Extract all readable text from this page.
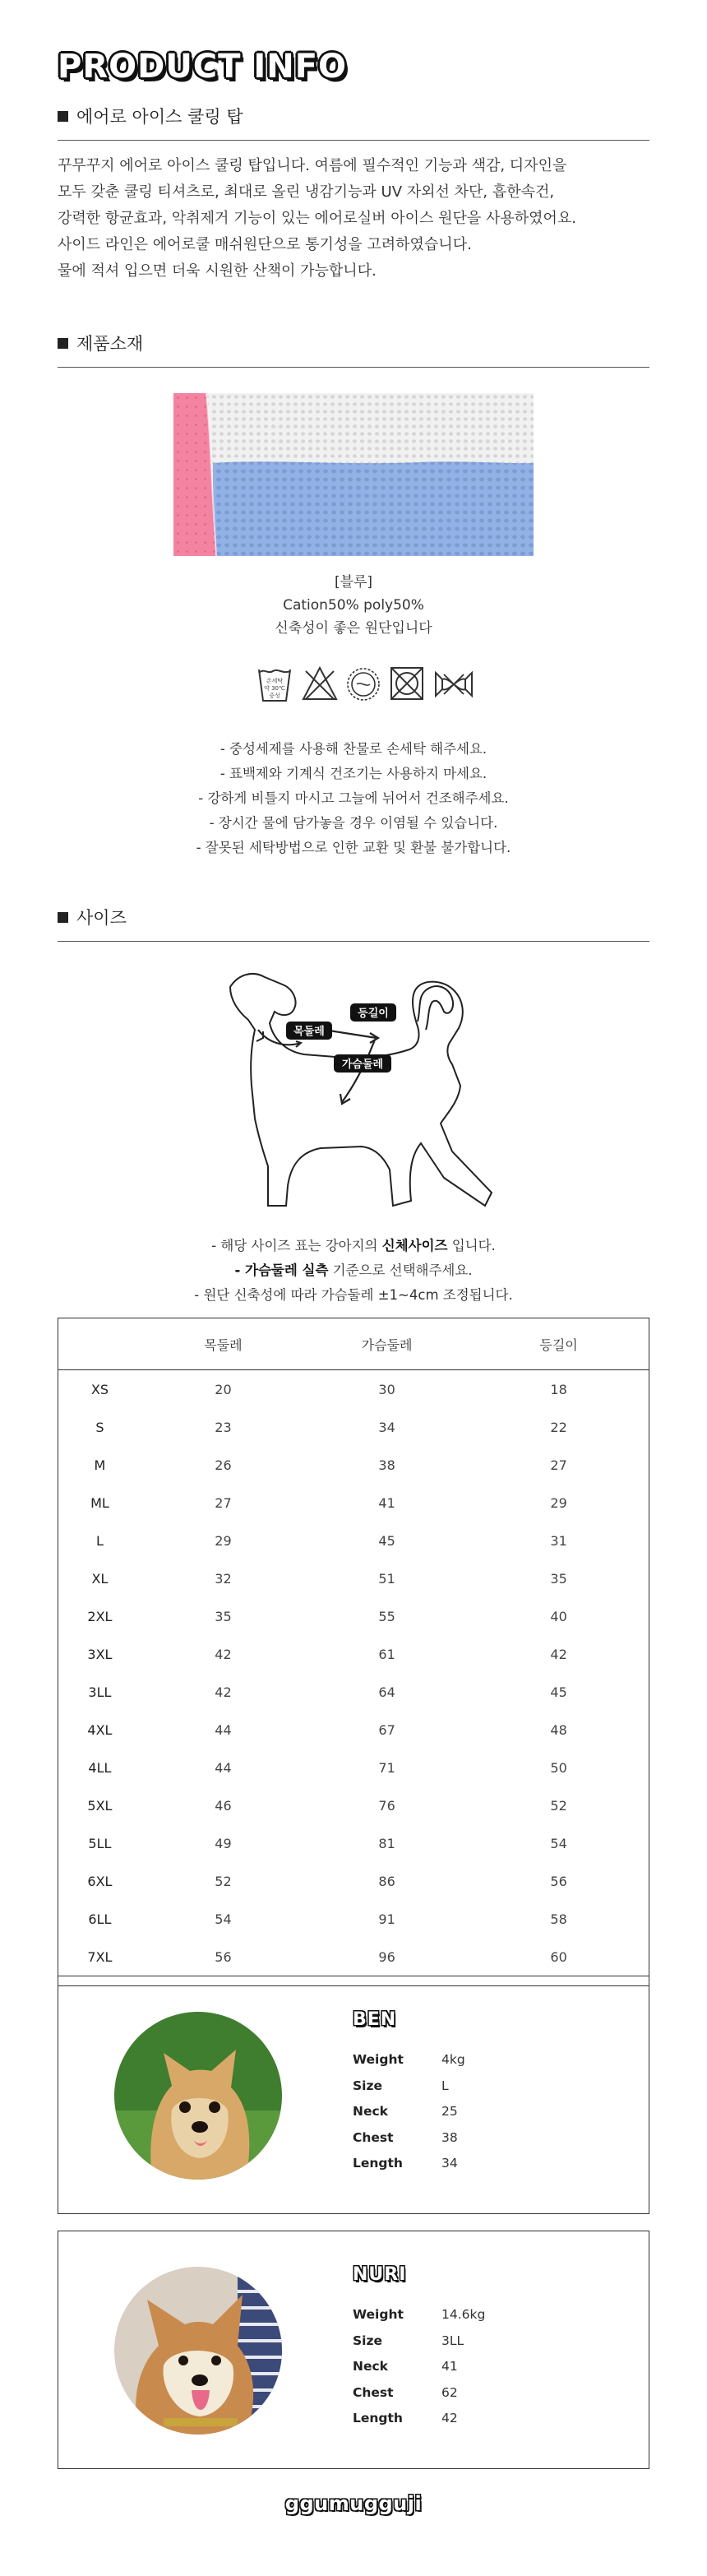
PRODUCT INFO
에어로 아이스 쿨링 탑

꾸무꾸지 에어로 아이스 쿨링 탑입니다. 여름에 필수적인 기능과 색감, 디자인을

모두 갖춘 쿨링 티셔츠로, 최대로 올린 냉감기능과 UV 자외선 차단, 흡한속건,

강력한 항균효과, 악취제거 기능이 있는 에어로실버 아이스 원단을 사용하였어요.

사이드 라인은 에어로쿨 매쉬원단으로 통기성을 고려하였습니다.

물에 적셔 입으면 더욱 시원한 산책이 가능합니다.

제품소재

[블루]

Cation50% poly50%

신축성이 좋은 원단입니다

손세탁
약 30℃
중성

- 중성세제를 사용해 찬물로 손세탁 해주세요.

- 표백제와 기계식 건조기는 사용하지 마세요.

- 강하게 비틀지 마시고 그늘에 뉘어서 건조해주세요.

- 장시간 물에 담가놓을 경우 이염될 수 있습니다.

- 잘못된 세탁방법으로 인한 교환 및 환불 불가합니다.

사이즈
목둘레
등길이
가슴둘레

- 해당 사이즈 표는 강아지의 신체사이즈 입니다.

- 가슴둘레 실측 기준으로 선택해주세요.

- 원단 신축성에 따라 가슴둘레 ±1~4cm 조정됩니다.

	목둘레	가슴둘레	등길이
XS	20	30	18
S	23	34	22
M	26	38	27
ML	27	41	29
L	29	45	31
XL	32	51	35
2XL	35	55	40
3XL	42	61	42
3LL	42	64	45
4XL	44	67	48
4LL	44	71	50
5XL	46	76	52
5LL	49	81	54
6XL	52	86	56
6LL	54	91	58
7XL	56	96	60

BEN
Weight	4kg
Size	L
Neck	25
Chest	38
Length	34
NURI
Weight	14.6kg
Size	3LL
Neck	41
Chest	62
Length	42
ggumugguji
